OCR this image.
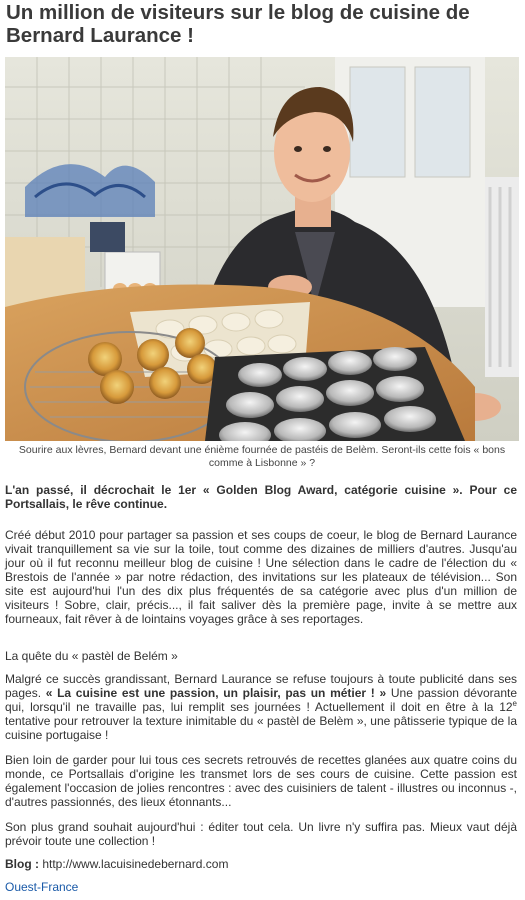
Un million de visiteurs sur le blog de cuisine de Bernard Laurance !

Sourire aux lèvres, Bernard devant une énième fournée de pastéis de Belèm. Seront-ils cette fois « bons comme à Lisbonne » ?

L'an passé, il décrochait le 1er « Golden Blog Award, catégorie cuisine ». Pour ce Portsallais, le rêve continue.

Créé début 2010 pour partager sa passion et ses coups de coeur, le blog de Bernard Laurance vivait tranquillement sa vie sur la toile, tout comme des dizaines de milliers d'autres. Jusqu'au jour où il fut reconnu meilleur blog de cuisine ! Une sélection dans le cadre de l'élection du « Brestois de l'année » par notre rédaction, des invitations sur les plateaux de télévision... Son site est aujourd'hui l'un des dix plus fréquentés de sa catégorie avec plus d'un million de visiteurs ! Sobre, clair, précis..., il fait saliver dès la première page, invite à se mettre aux fourneaux, fait rêver à de lointains voyages grâce à ses reportages.

La quête du « pastèl de Belém »

Malgré ce succès grandissant, Bernard Laurance se refuse toujours à toute publicité dans ses pages. « La cuisine est une passion, un plaisir, pas un métier ! » Une passion dévorante qui, lorsqu'il ne travaille pas, lui remplit ses journées ! Actuellement il doit en être à la 12e tentative pour retrouver la texture inimitable du « pastèl de Belèm », une pâtisserie typique de la cuisine portugaise !

Bien loin de garder pour lui tous ces secrets retrouvés de recettes glanées aux quatre coins du monde, ce Portsallais d'origine les transmet lors de ses cours de cuisine. Cette passion est également l'occasion de jolies rencontres : avec des cuisiniers de talent - illustres ou inconnus -, d'autres passionnés, des lieux étonnants...

Son plus grand souhait aujourd'hui : éditer tout cela. Un livre n'y suffira pas. Mieux vaut déjà prévoir toute une collection !

Blog : http://www.lacuisinedebernard.com

Ouest-France
